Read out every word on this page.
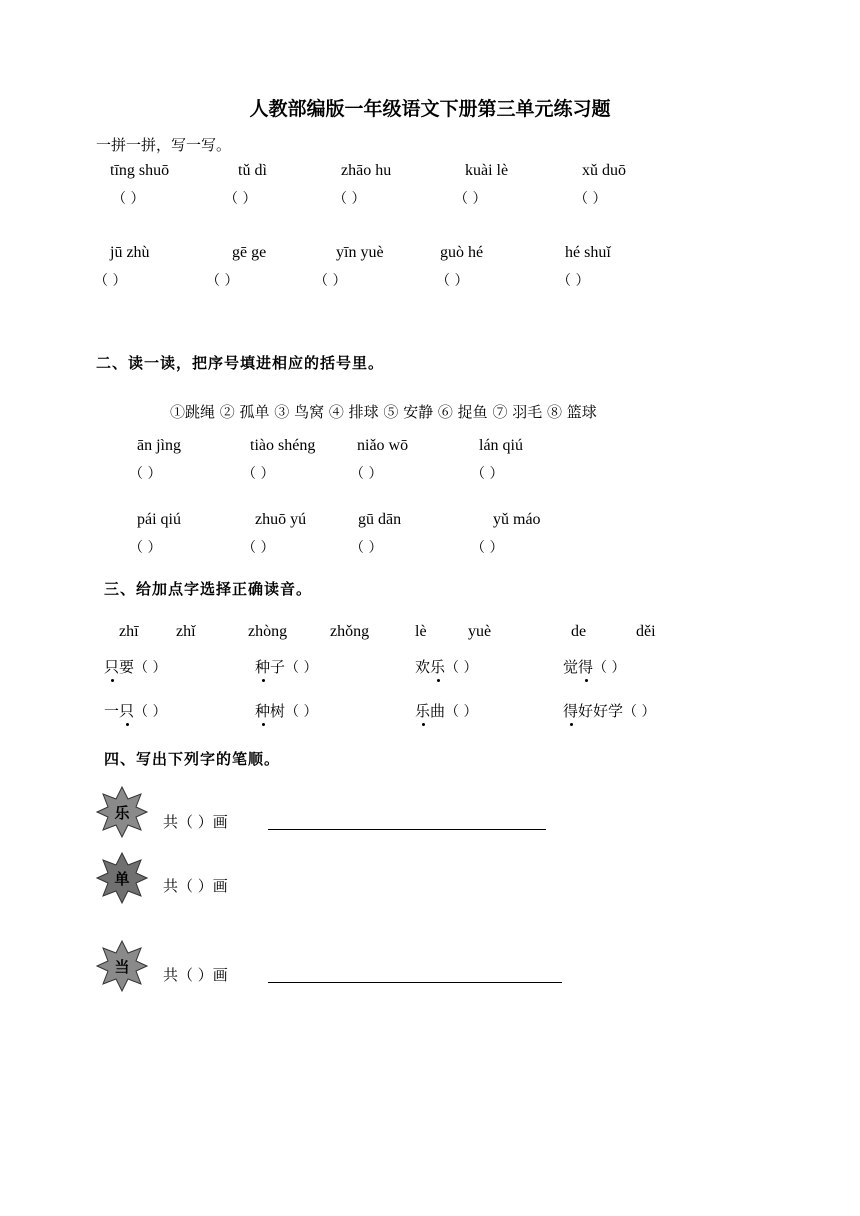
人教部编版一年级语文下册第三单元练习题
一拼一拼，写一写。
tīng shuō	tǔ dì	zhāo hu	kuài lè	xǔ duō
（ ）	（ ）	（ ）	（ ）	（ ）
jū zhù	gē ge	yīn yuè	guò hé	hé shuǐ
（ ）	（ ）	（ ）	（ ）	（ ）
二、读一读，把序号填进相应的括号里。
①跳绳 ② 孤单 ③ 鸟窝 ④ 排球 ⑤ 安静 ⑥ 捉鱼 ⑦ 羽毛 ⑧ 篮球
ān jìng	tiào shéng	niǎo wō	lán qiú
（ ）	（ ）	（ ）	（ ）
pái qiú	zhuō yú	gū dān	yǔ máo
（ ）	（ ）	（ ）	（ ）
三、给加点字选择正确读音。
zhī zhǐ	zhòng	zhǒng	lè	yuè	de	děi
只要（ ）	种子（ ）	欢乐（ ）	觉得（ ）
一只（ ）	种树（ ）	乐曲（ ）	得好好学（ ）
四、写出下列字的笔顺。
乐 共（ ）画
单 共（ ）画
当 共（ ）画
